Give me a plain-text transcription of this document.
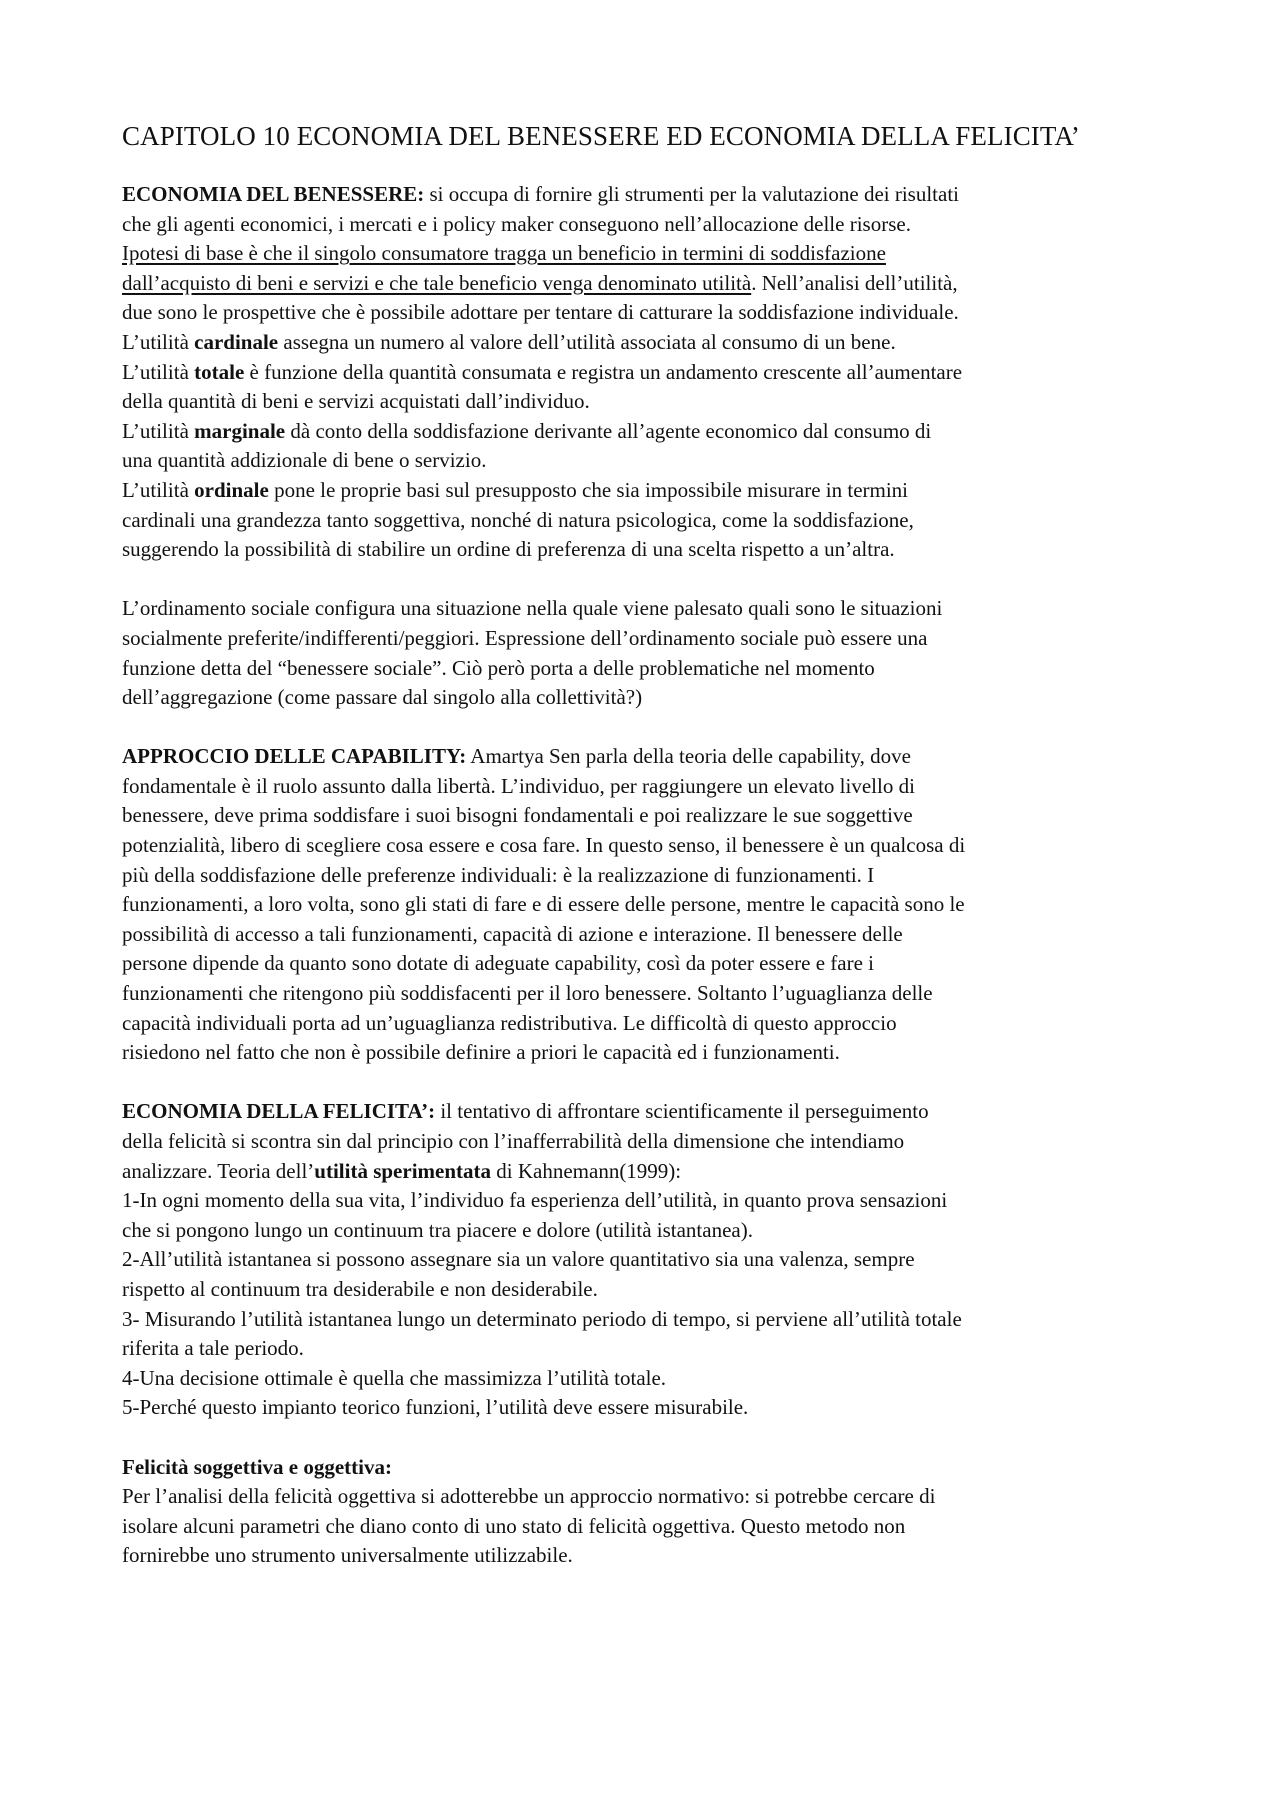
CAPITOLO 10 ECONOMIA DEL BENESSERE ED ECONOMIA DELLA FELICITA’

ECONOMIA DEL BENESSERE: si occupa di fornire gli strumenti per la valutazione dei risultati
che gli agenti economici, i mercati e i policy maker conseguono nell’allocazione delle risorse.
Ipotesi di base è che il singolo consumatore tragga un beneficio in termini di soddisfazione
dall’acquisto di beni e servizi e che tale beneficio venga denominato utilità. Nell’analisi dell’utilità,
due sono le prospettive che è possibile adottare per tentare di catturare la soddisfazione individuale.
L’utilità cardinale assegna un numero al valore dell’utilità associata al consumo di un bene.
L’utilità totale è funzione della quantità consumata e registra un andamento crescente all’aumentare
della quantità di beni e servizi acquistati dall’individuo.
L’utilità marginale dà conto della soddisfazione derivante all’agente economico dal consumo di
una quantità addizionale di bene o servizio.
L’utilità ordinale pone le proprie basi sul presupposto che sia impossibile misurare in termini
cardinali una grandezza tanto soggettiva, nonché di natura psicologica, come la soddisfazione,
suggerendo la possibilità di stabilire un ordine di preferenza di una scelta rispetto a un’altra.

L’ordinamento sociale configura una situazione nella quale viene palesato quali sono le situazioni
socialmente preferite/indifferenti/peggiori. Espressione dell’ordinamento sociale può essere una
funzione detta del “benessere sociale”. Ciò però porta a delle problematiche nel momento
dell’aggregazione (come passare dal singolo alla collettività?)

APPROCCIO DELLE CAPABILITY: Amartya Sen parla della teoria delle capability, dove
fondamentale è il ruolo assunto dalla libertà. L’individuo, per raggiungere un elevato livello di
benessere, deve prima soddisfare i suoi bisogni fondamentali e poi realizzare le sue soggettive
potenzialità, libero di scegliere cosa essere e cosa fare. In questo senso, il benessere è un qualcosa di
più della soddisfazione delle preferenze individuali: è la realizzazione di funzionamenti. I
funzionamenti, a loro volta, sono gli stati di fare e di essere delle persone, mentre le capacità sono le
possibilità di accesso a tali funzionamenti, capacità di azione e interazione. Il benessere delle
persone dipende da quanto sono dotate di adeguate capability, così da poter essere e fare i
funzionamenti che ritengono più soddisfacenti per il loro benessere. Soltanto l’uguaglianza delle
capacità individuali porta ad un’uguaglianza redistributiva. Le difficoltà di questo approccio
risiedono nel fatto che non è possibile definire a priori le capacità ed i funzionamenti.

ECONOMIA DELLA FELICITA’: il tentativo di affrontare scientificamente il perseguimento
della felicità si scontra sin dal principio con l’inafferrabilità della dimensione che intendiamo
analizzare. Teoria dell’utilità sperimentata di Kahnemann(1999):
1-In ogni momento della sua vita, l’individuo fa esperienza dell’utilità, in quanto prova sensazioni
che si pongono lungo un continuum tra piacere e dolore (utilità istantanea).
2-All’utilità istantanea si possono assegnare sia un valore quantitativo sia una valenza, sempre
rispetto al continuum tra desiderabile e non desiderabile.
3- Misurando l’utilità istantanea lungo un determinato periodo di tempo, si perviene all’utilità totale
riferita a tale periodo.
4-Una decisione ottimale è quella che massimizza l’utilità totale.
5-Perché questo impianto teorico funzioni, l’utilità deve essere misurabile.

Felicità soggettiva e oggettiva:
Per l’analisi della felicità oggettiva si adotterebbe un approccio normativo: si potrebbe cercare di
isolare alcuni parametri che diano conto di uno stato di felicità oggettiva. Questo metodo non
fornirebbe uno strumento universalmente utilizzabile.
